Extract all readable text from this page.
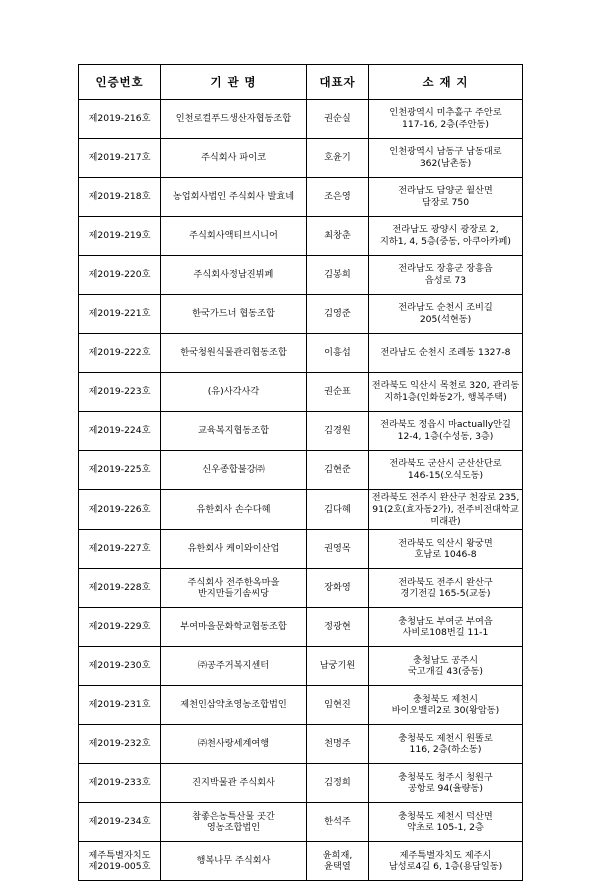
인증번호	기 관 명	대표자	소 재 지

제2019-216호	인천로컬푸드생산자협동조합	권순실	인천광역시 미추홀구 주안로
117-16, 2층(주안동)

제2019-217호	주식회사 파이코	호윤기	인천광역시 남동구 남동대로
362(남촌동)

제2019-218호	농업회사법인 주식회사 발효네	조은영	전라남도 담양군 월산면
담장로 750

제2019-219호	주식회사액티브시니어	최창춘	전라남도 광양시 광장로 2,
지하1, 4, 5층(중동, 아쿠아카페)

제2019-220호	주식회사정남진뷔페	김봉희	전라남도 장흥군 장흥읍
읍성로 73

제2019-221호	한국가드너 협동조합	김영준	전라남도 순천시 조비길
205(석현동)

제2019-222호	한국청원식물관리협동조합	이흥섭	전라남도 순천시 조례동 1327-8

제2019-223호	(유)사각사각	권순표	전라북도 익산시 목천로 320, 관리동
지하1층(인화동2가, 행복주택)

제2019-224호	교육복지협동조합	김경원	전라북도 정읍시 마actually안길
12-4, 1층(수성동, 3층)

제2019-225호	신우종합불강㈜	김현준	전라북도 군산시 군산산단로
146-15(오식도동)

제2019-226호	유한회사 손수다혜	김다혜	전라북도 전주시 완산구 천잠로 235,
91(2호(효자동2가), 전주비전대학교 미래관)

제2019-227호	유한회사 케이와이산업	권영목	전라북도 익산시 왕궁면
호남로 1046-8

제2019-228호	주식회사 전주한옥마을
반지만들기솜씨당	장화영	전라북도 전주시 완산구
경기전길 165-5(교동)

제2019-229호	부여마을문화학교협동조합	정광현	충청남도 부여군 부여읍
사비로108번길 11-1

제2019-230호	㈜공주거복지센터	남궁기원	충청남도 공주시
국고개길 43(중동)

제2019-231호	제천인삼약초영농조합법인	임현진	충청북도 제천시
바이오밸리2로 30(왕암동)

제2019-232호	㈜천사랑세계여행	천명주	충청북도 제천시 원똘로
116, 2층(하소동)

제2019-233호	진지박물관 주식회사	김정희	충청북도 청주시 청원구
공항로 94(율량동)

제2019-234호	참좋은농특산물 곳간
영농조합법인	한석주	충청북도 제천시 덕산면
약초로 105-1, 2층

제주특별자치도
제2019-005호	행복나무 주식회사	윤희재,
윤택열	제주특별자치도 제주시
남성로4길 6, 1층(용담일동)
